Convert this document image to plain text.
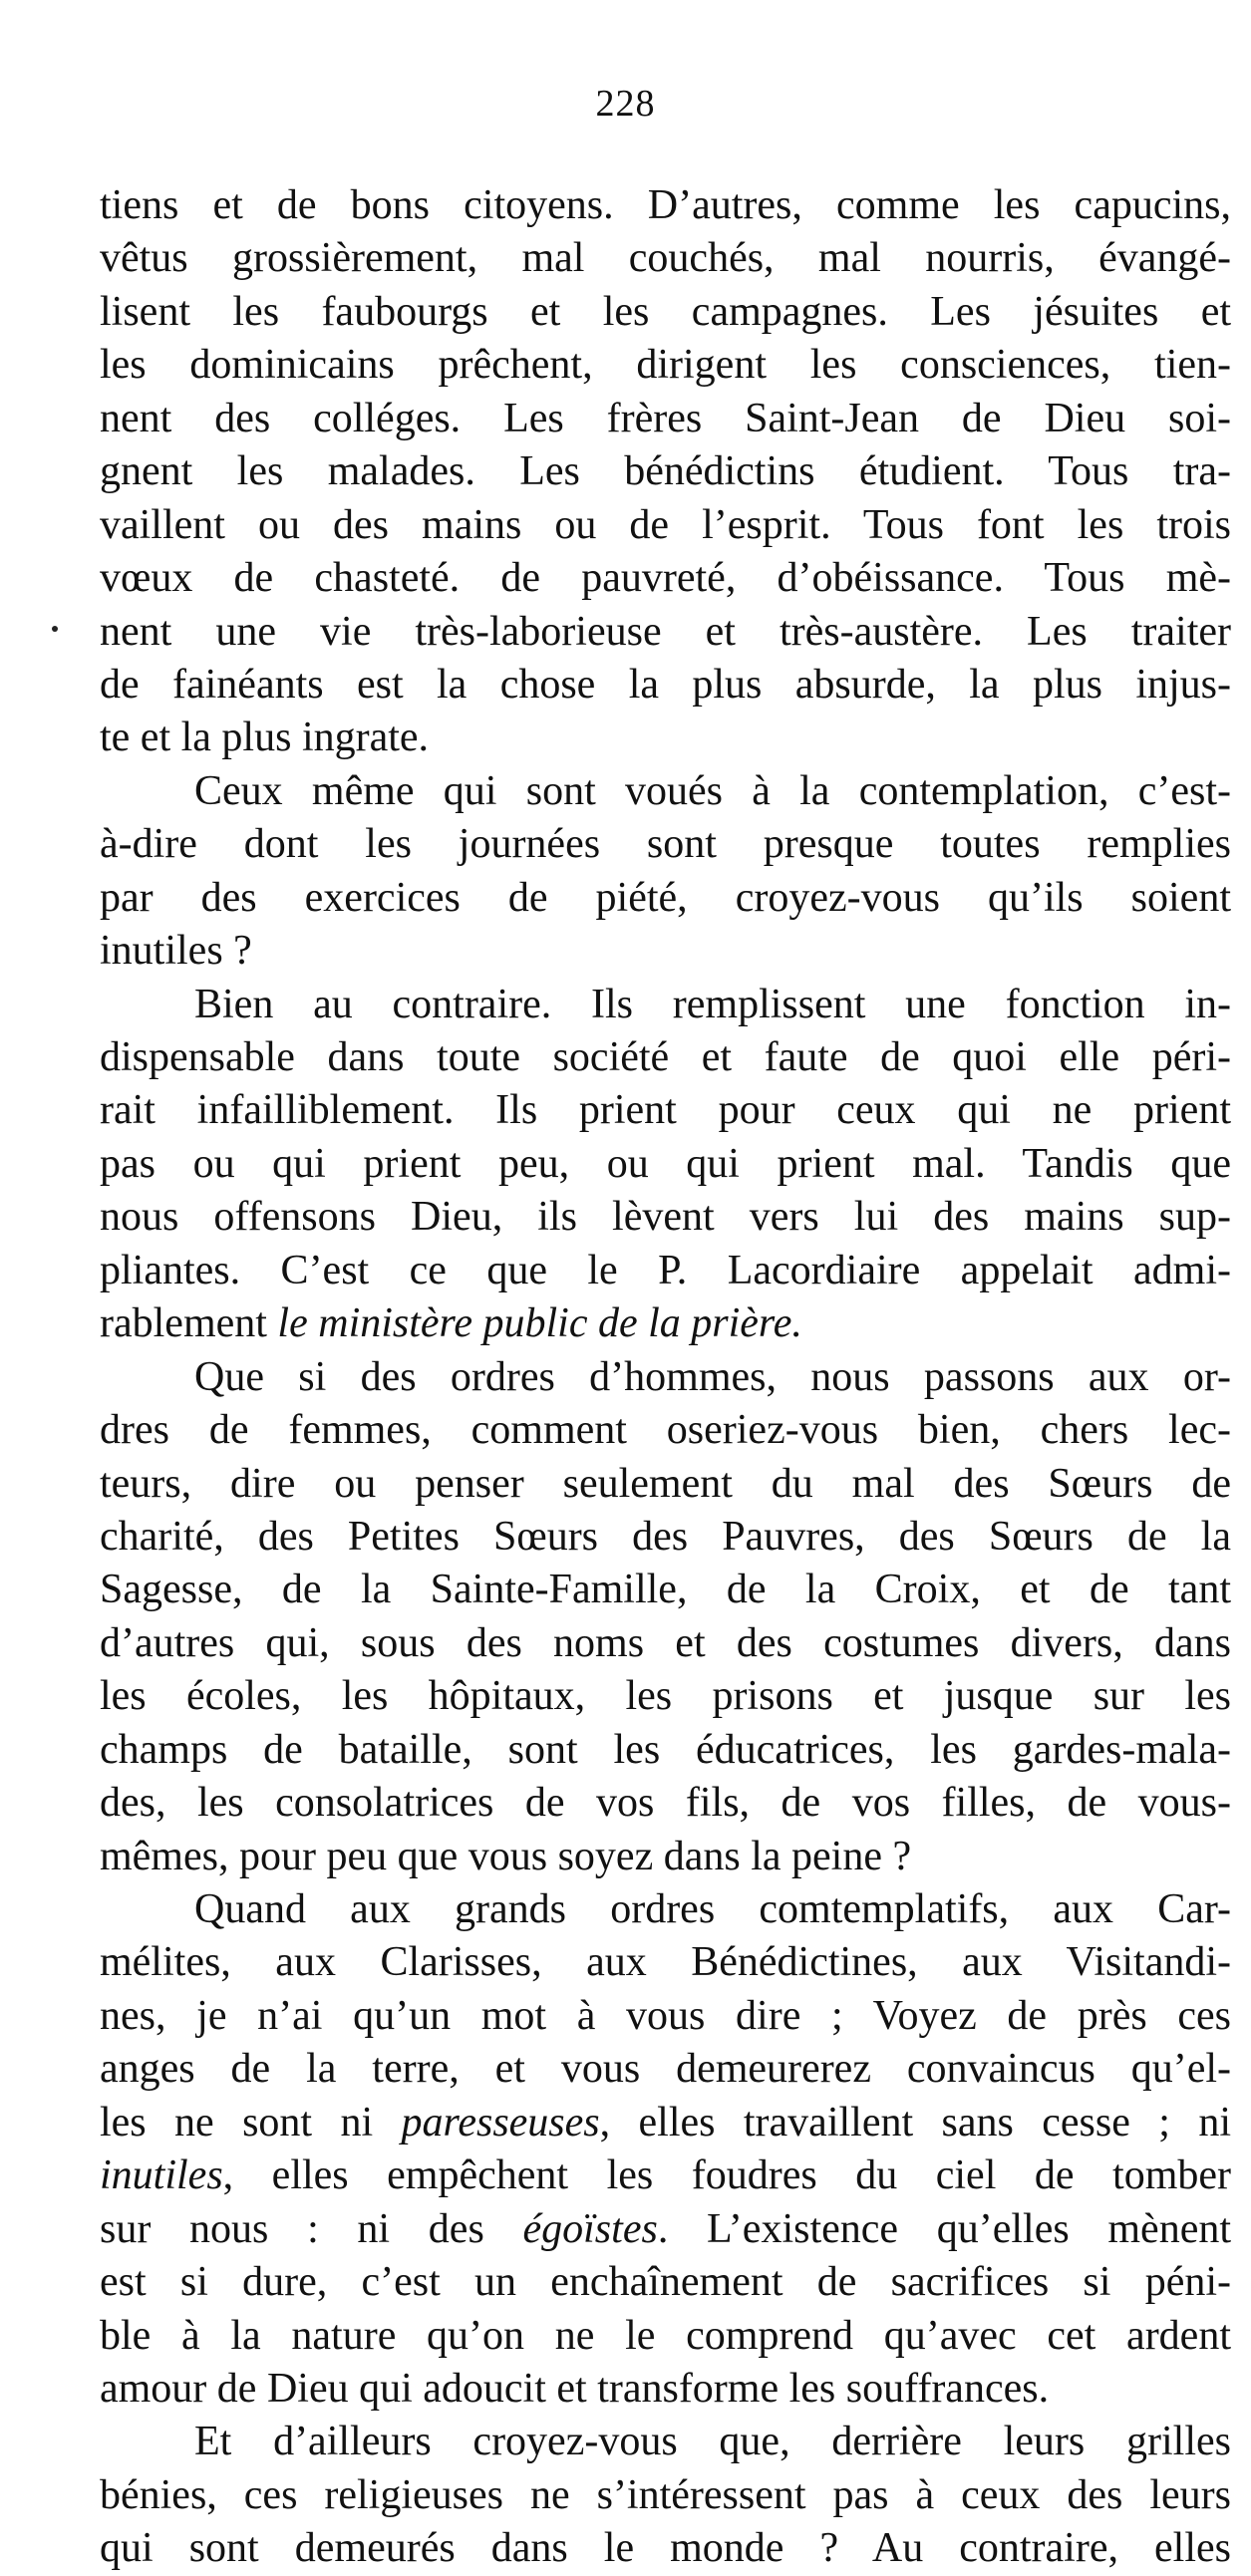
228
tiens et de bons citoyens. D’autres, comme les capucins,
vêtus grossièrement, mal couchés, mal nourris, évangé-
lisent les faubourgs et les campagnes. Les jésuites et
les dominicains prêchent, dirigent les consciences, tien-
nent des colléges. Les frères Saint-Jean de Dieu soi-
gnent les malades. Les bénédictins étudient. Tous tra-
vaillent ou des mains ou de l’esprit. Tous font les trois
vœux de chasteté. de pauvreté, d’obéissance. Tous mè-
nent une vie très-laborieuse et très-austère. Les traiter
de fainéants est la chose la plus absurde, la plus injus-
te et la plus ingrate.
Ceux même qui sont voués à la contemplation, c’est-
à-dire dont les journées sont presque toutes remplies
par des exercices de piété, croyez-vous qu’ils soient
inutiles ?
Bien au contraire. Ils remplissent une fonction in-
dispensable dans toute société et faute de quoi elle péri-
rait infailliblement. Ils prient pour ceux qui ne prient
pas ou qui prient peu, ou qui prient mal. Tandis que
nous offensons Dieu, ils lèvent vers lui des mains sup-
pliantes. C’est ce que le P. Lacordiaire appelait admi-
rablement le ministère public de la prière.
Que si des ordres d’hommes, nous passons aux or-
dres de femmes, comment oseriez-vous bien, chers lec-
teurs, dire ou penser seulement du mal des Sœurs de
charité, des Petites Sœurs des Pauvres, des Sœurs de la
Sagesse, de la Sainte-Famille, de la Croix, et de tant
d’autres qui, sous des noms et des costumes divers, dans
les écoles, les hôpitaux, les prisons et jusque sur les
champs de bataille, sont les éducatrices, les gardes-mala-
des, les consolatrices de vos fils, de vos filles, de vous-
mêmes, pour peu que vous soyez dans la peine ?
Quand aux grands ordres comtemplatifs, aux Car-
mélites, aux Clarisses, aux Bénédictines, aux Visitandi-
nes, je n’ai qu’un mot à vous dire ; Voyez de près ces
anges de la terre, et vous demeurerez convaincus qu’el-
les ne sont ni paresseuses, elles travaillent sans cesse ; ni
inutiles, elles empêchent les foudres du ciel de tomber
sur nous : ni des égoïstes. L’existence qu’elles mènent
est si dure, c’est un enchaînement de sacrifices si péni-
ble à la nature qu’on ne le comprend qu’avec cet ardent
amour de Dieu qui adoucit et transforme les souffrances.
Et d’ailleurs croyez-vous que, derrière leurs grilles
bénies, ces religieuses ne s’intéressent pas à ceux des leurs
qui sont demeurés dans le monde ? Au contraire, elles
